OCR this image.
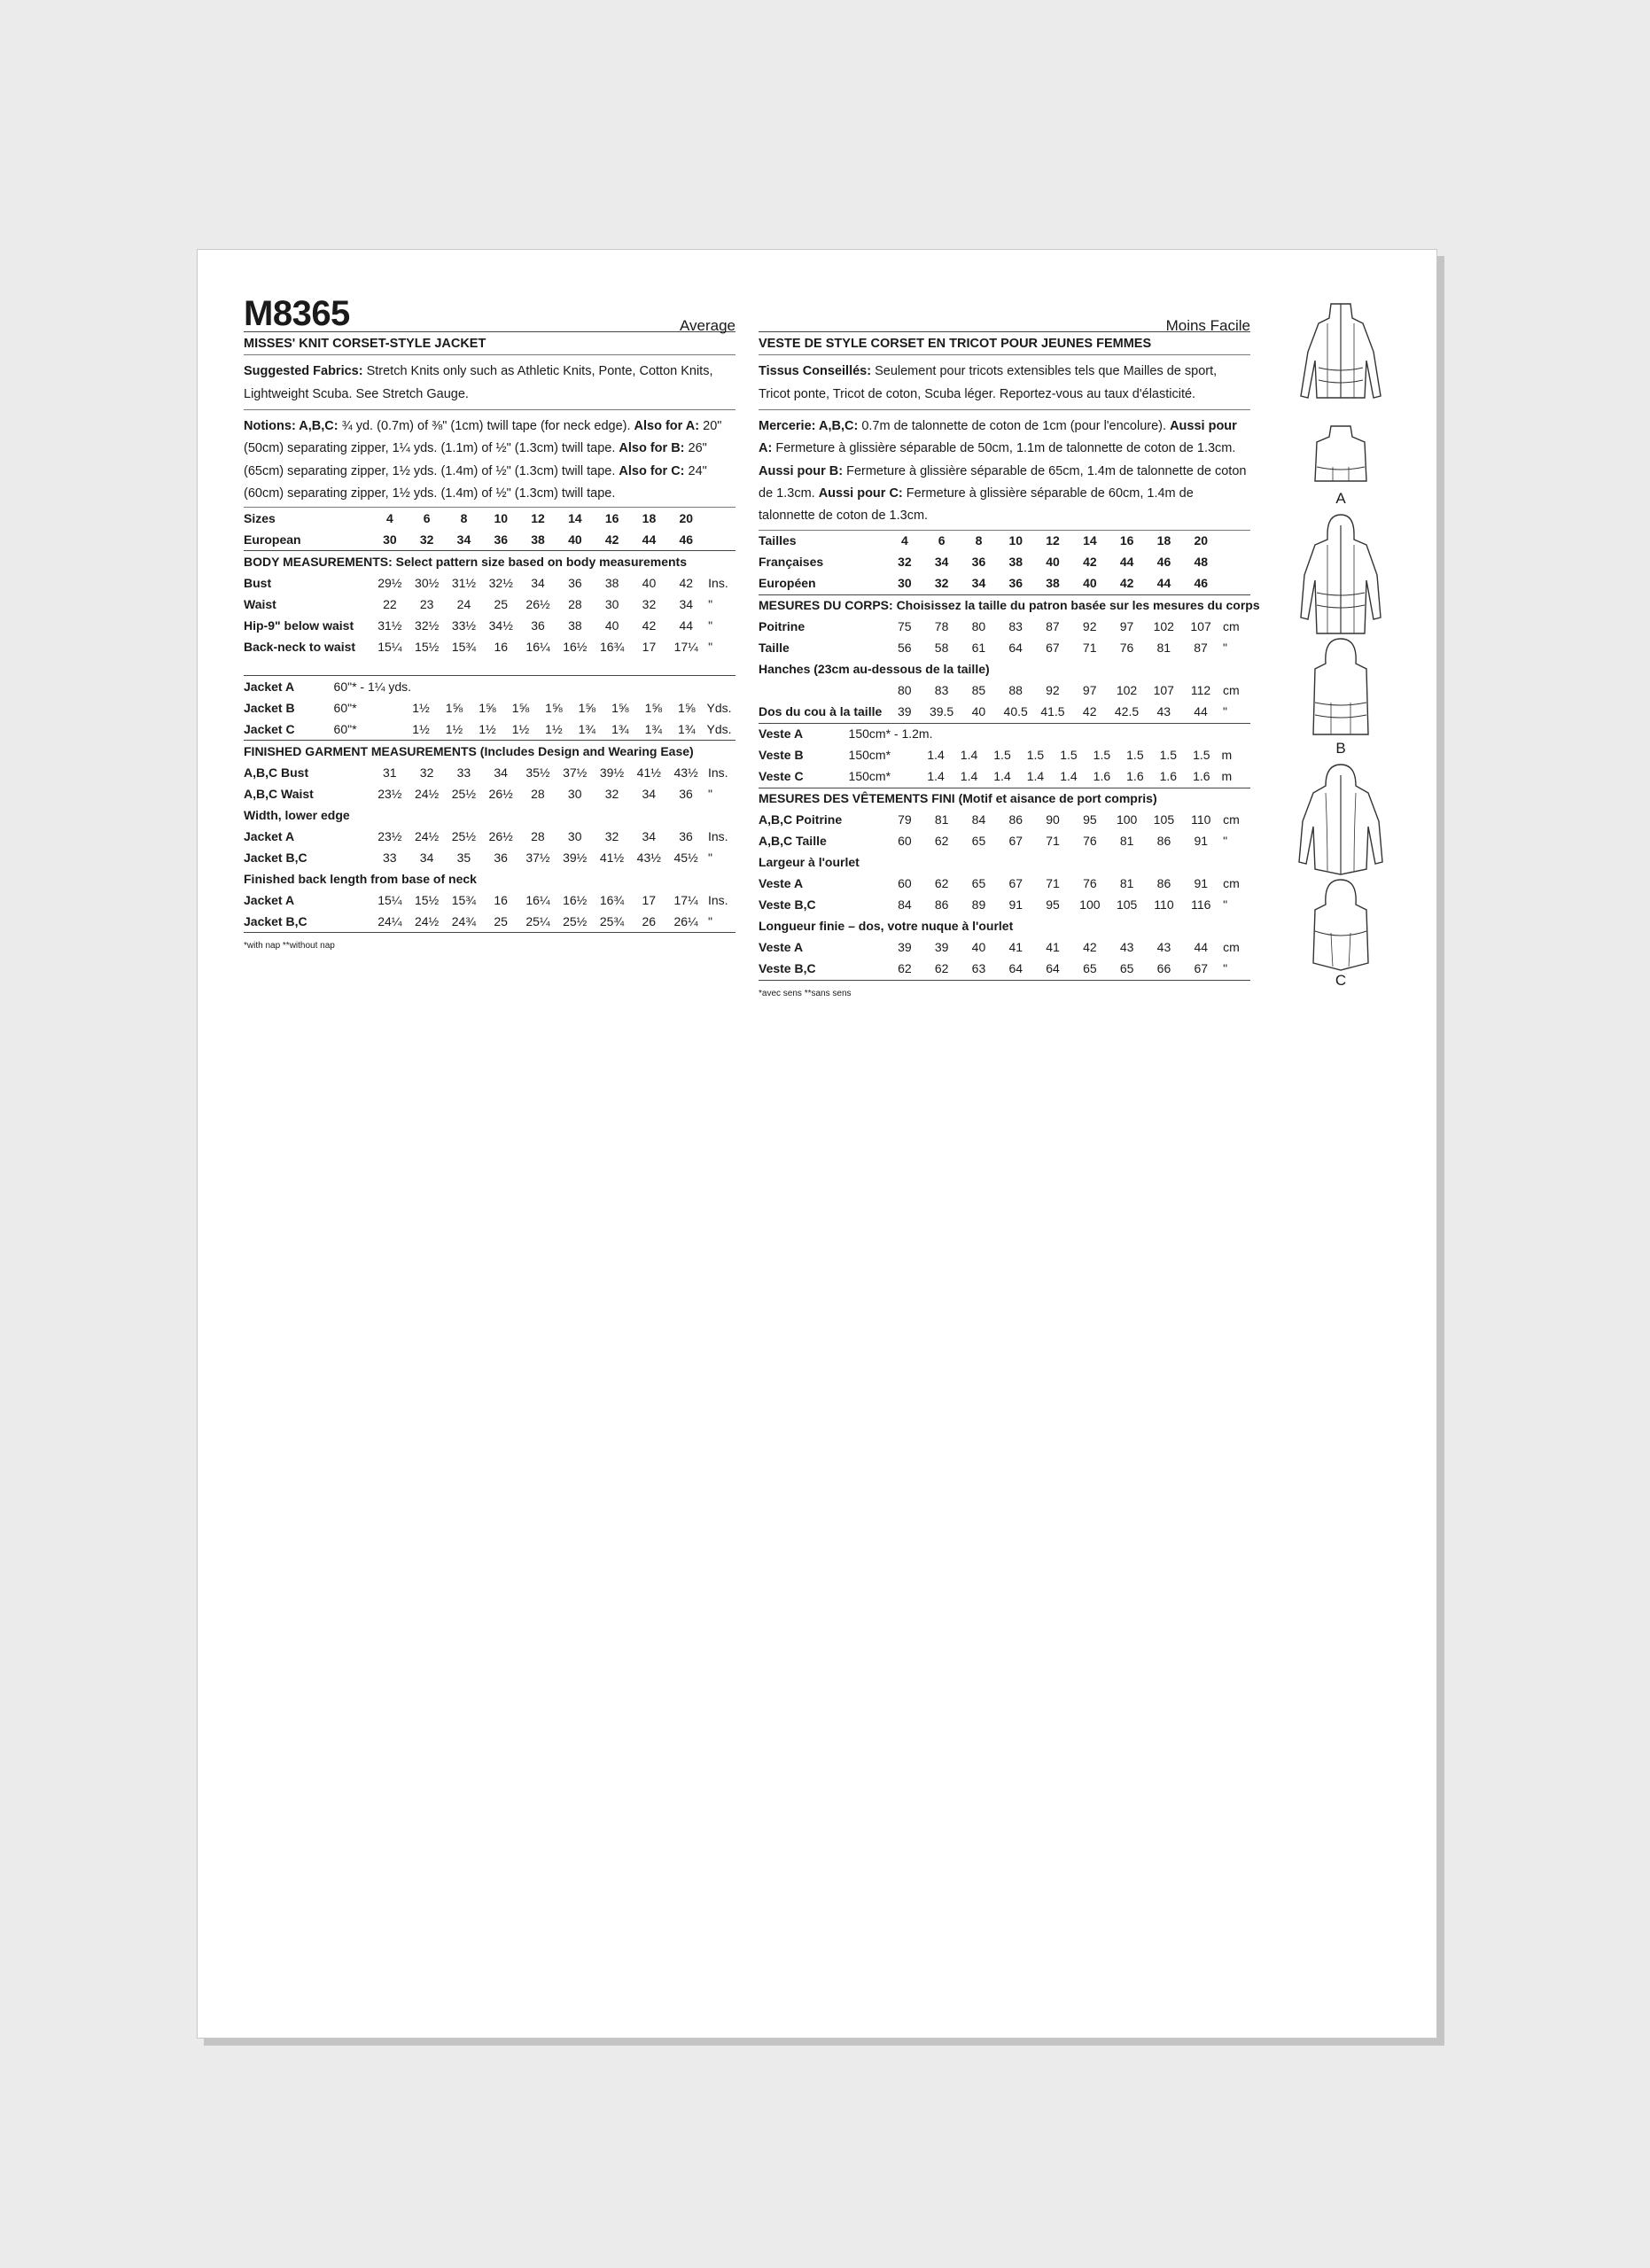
M8365	Average
MISSES' KNIT CORSET-STYLE JACKET

Suggested Fabrics: Stretch Knits only such as Athletic Knits, Ponte, Cotton Knits, Lightweight Scuba. See Stretch Gauge.

Notions: A,B,C: ¾ yd. (0.7m) of ⅜" (1cm) twill tape (for neck edge). Also for A: 20" (50cm) separating zipper, 1¼ yds. (1.1m) of ½" (1.3cm) twill tape. Also for B: 26" (65cm) separating zipper, 1½ yds. (1.4m) of ½" (1.3cm) twill tape. Also for C: 24" (60cm) separating zipper, 1½ yds. (1.4m) of ½" (1.3cm) twill tape.

Sizes	4	6	8	10	12	14	16	18	20	
European	30	32	34	36	38	40	42	44	46	
BODY MEASUREMENTS: Select pattern size based on body measurements										
Bust	29½	30½	31½	32½	34	36	38	40	42	Ins.
Waist	22	23	24	25	26½	28	30	32	34	"
Hip-9" below waist	31½	32½	33½	34½	36	38	40	42	44	"
Back-neck to waist	15¼	15½	15¾	16	16¼	16½	16¾	17	17¼	"
Jacket A	60"* - 1¼ yds.										
Jacket B	60"*	1½	1⅝	1⅝	1⅝	1⅝	1⅝	1⅝	1⅝	1⅝	Yds.
Jacket C	60"*	1½	1½	1½	1½	1½	1¾	1¾	1¾	1¾	Yds.
FINISHED GARMENT MEASUREMENTS (Includes Design and Wearing Ease)										
A,B,C Bust	31	32	33	34	35½	37½	39½	41½	43½	Ins.
A,B,C Waist	23½	24½	25½	26½	28	30	32	34	36	"
Width, lower edge										
Jacket A	23½	24½	25½	26½	28	30	32	34	36	Ins.
Jacket B,C	33	34	35	36	37½	39½	41½	43½	45½	"
Finished back length from base of neck										
Jacket A	15¼	15½	15¾	16	16¼	16½	16¾	17	17¼	Ins.
Jacket B,C	24¼	24½	24¾	25	25¼	25½	25¾	26	26¼	"
*with nap **without nap
Moins Facile
VESTE DE STYLE CORSET EN TRICOT POUR JEUNES FEMMES

Tissus Conseillés: Seulement pour tricots extensibles tels que Mailles de sport, Tricot ponte, Tricot de coton, Scuba léger. Reportez-vous au taux d'élasticité.

Mercerie: A,B,C: 0.7m de talonnette de coton de 1cm (pour l'encolure). Aussi pour A: Fermeture à glissière séparable de 50cm, 1.1m de talonnette de coton de 1.3cm. Aussi pour B: Fermeture à glissière séparable de 65cm, 1.4m de talonnette de coton de 1.3cm. Aussi pour C: Fermeture à glissière séparable de 60cm, 1.4m de talonnette de coton de 1.3cm.

Tailles	4	6	8	10	12	14	16	18	20	
Françaises	32	34	36	38	40	42	44	46	48	
Européen	30	32	34	36	38	40	42	44	46	
MESURES DU CORPS: Choisissez la taille du patron basée sur les mesures du corps										
Poitrine	75	78	80	83	87	92	97	102	107	cm
Taille	56	58	61	64	67	71	76	81	87	"
Hanches (23cm au-dessous de la taille)										
	80	83	85	88	92	97	102	107	112	cm
Dos du cou à la taille	39	39.5	40	40.5	41.5	42	42.5	43	44	"
Veste A	150cm* - 1.2m.										
Veste B	150cm*	1.4	1.4	1.5	1.5	1.5	1.5	1.5	1.5	1.5	m
Veste C	150cm*	1.4	1.4	1.4	1.4	1.4	1.6	1.6	1.6	1.6	m
MESURES DES VÊTEMENTS FINI (Motif et aisance de port compris)										
A,B,C Poitrine	79	81	84	86	90	95	100	105	110	cm
A,B,C Taille	60	62	65	67	71	76	81	86	91	"
Largeur à l'ourlet										
Veste A	60	62	65	67	71	76	81	86	91	cm
Veste B,C	84	86	89	91	95	100	105	110	116	"
Longueur finie – dos, votre nuque à l'ourlet										
Veste A	39	39	40	41	41	42	43	43	44	cm
Veste B,C	62	62	63	64	64	65	65	66	67	"
*avec sens **sans sens
A
B
C
